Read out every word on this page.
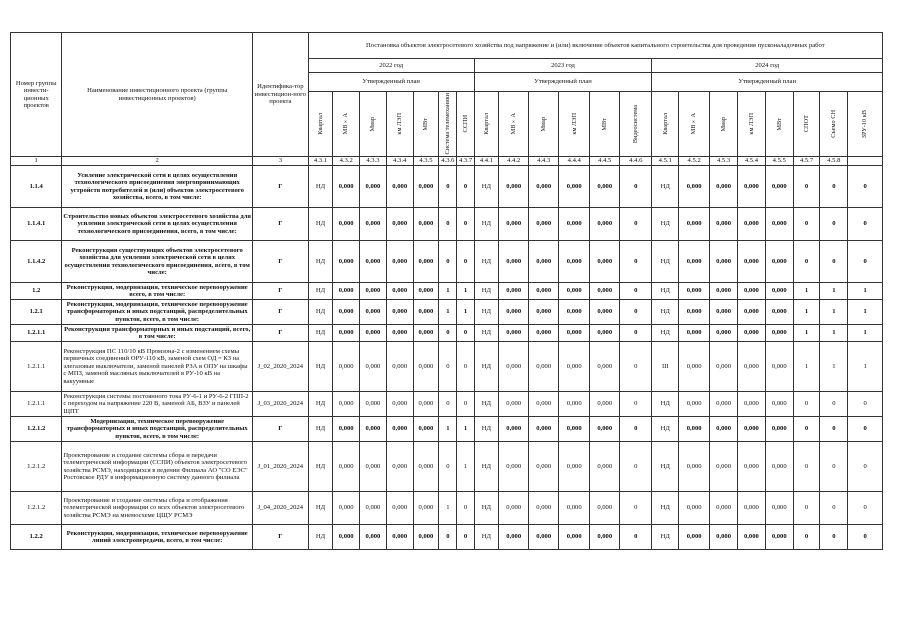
Номер группы инвести-ционных проектов	Наименование инвестиционного проекта (группы инвестиционных проектов)	Идентифика-тор инвестицион-ного проекта	Постановка объектов электросетевого хозяйства под напряжение и (или) включение объектов капитального строительства для проведения пусконаладочных работ																				
			2022 год							2023 год						2024 год							
			Утвержденный план							Утвержденный план						Утвержденный план							

			Квартал	МВ×А	Мвар	км ЛЭП	МВт	Система телемеханики	ССПИ	Квартал	МВ×А	Мвар	км ЛЭП	МВт	Видеосистема	Квартал	МВ×А	Мвар	км ЛЭП	МВт	СПОТ	Съемо СН	ЗРУ-10 кВ

1	2	3	4.3.1	4.3.2	4.3.3	4.3.4	4.3.5	4.3.6	4.3.7	4.4.1	4.4.2	4.4.3	4.4.4	4.4.5	4.4.6	4.5.1	4.5.2	4.5.3	4.5.4	4.5.5	4.5.7	4.5.8	
1.1.4	Усиление электрической сети в целях осуществления технологического присоединения энергопринимающих устройств потребителей и (или) объектов электросетевого хозяйства, всего, в том числе:	Г	НД	0,000	0,000	0,000	0,000	0	0	НД	0,000	0,000	0,000	0,000	0	НД	0,000	0,000	0,000	0,000	0	0	0
1.1.4.1	Строительство новых объектов электросетевого хозяйства для усиления электрической сети в целях осуществления технологического присоединения, всего, в том числе:	Г	НД	0,000	0,000	0,000	0,000	0	0	НД	0,000	0,000	0,000	0,000	0	НД	0,000	0,000	0,000	0,000	0	0	0
1.1.4.2	Реконструкция существующих объектов электросетевого хозяйства для усиления электрической сети в целях осуществления технологического присоединения, всего, в том числе:	Г	НД	0,000	0,000	0,000	0,000	0	0	НД	0,000	0,000	0,000	0,000	0	НД	0,000	0,000	0,000	0,000	0	0	0
1.2	Реконструкция, модернизация, техническое перевооружение всего, в том числе:	Г	НД	0,000	0,000	0,000	0,000	1	1	НД	0,000	0,000	0,000	0,000	0	НД	0,000	0,000	0,000	0,000	1	1	1
1.2.1	Реконструкция, модернизация, техническое перевооружение трансформаторных и иных подстанций, распределительных пунктов, всего, в том числе:	Г	НД	0,000	0,000	0,000	0,000	1	1	НД	0,000	0,000	0,000	0,000	0	НД	0,000	0,000	0,000	0,000	1	1	1
1.2.1.1	Реконструкция трансформаторных и иных подстанций, всего, в том числе:	Г	НД	0,000	0,000	0,000	0,000	0	0	НД	0,000	0,000	0,000	0,000	0	НД	0,000	0,000	0,000	0,000	1	1	1
1.2.1.1	Реконструкция ПС 110/10 кВ Промзона-2 с изменением схемы первичных соединений ОРУ-110 кВ, заменой схем ОД = КЗ на элегазовые выключатели, заменой панелей РЗА в ОПУ на шкафы с МПЗ, заменой масляных выключателей в РУ-10 кВ на вакуумные	J_02_2020_2024	НД	0,000	0,000	0,000	0,000	0	0	НД	0,000	0,000	0,000	0,000	0	III	0,000	0,000	0,000	0,000	1	1	1
1.2.1.1	Реконструкция системы постоянного тока РУ-6-1 и РУ-6-2 ГПП-2 с переходом на напряжение 220 В, заменой АБ, ВЗУ и панелей ЩПТ	J_03_2020_2024	НД	0,000	0,000	0,000	0,000	0	0	НД	0,000	0,000	0,000	0,000	0	НД	0,000	0,000	0,000	0,000	0	0	0
1.2.1.2	Модернизация, техническое перевооружение трансформаторных и иных подстанций, распределительных пунктов, всего, в том числе:	Г	НД	0,000	0,000	0,000	0,000	1	1	НД	0,000	0,000	0,000	0,000	0	НД	0,000	0,000	0,000	0,000	0	0	0
1.2.1.2	Проектирование и создание системы сбора и передачи телеметрической информации (ССПИ) объектов электросетевого хозяйства РСМЭ, находящихся в ведении Филиала АО "СО ЕЭС" Ростовское РДУ в информационную систему данного филиала	J_01_2020_2024	НД	0,000	0,000	0,000	0,000	0	1	НД	0,000	0,000	0,000	0,000	0	НД	0,000	0,000	0,000	0,000	0	0	0
1.2.1.2	Проектирование и создание системы сбора и отображения телеметрической информации со всех объектов электросетевого хозяйства РСМЭ на мнемосхеме ЦЩУ РСМЭ	J_04_2020_2024	НД	0,000	0,000	0,000	0,000	1	0	НД	0,000	0,000	0,000	0,000	0	НД	0,000	0,000	0,000	0,000	0	0	0
1.2.2	Реконструкция, модернизация, техническое перевооружение линий электропередачи, всего, в том числе:	Г	НД	0,000	0,000	0,000	0,000	0	0	НД	0,000	0,000	0,000	0,000	0	НД	0,000	0,000	0,000	0,000	0	0	0
